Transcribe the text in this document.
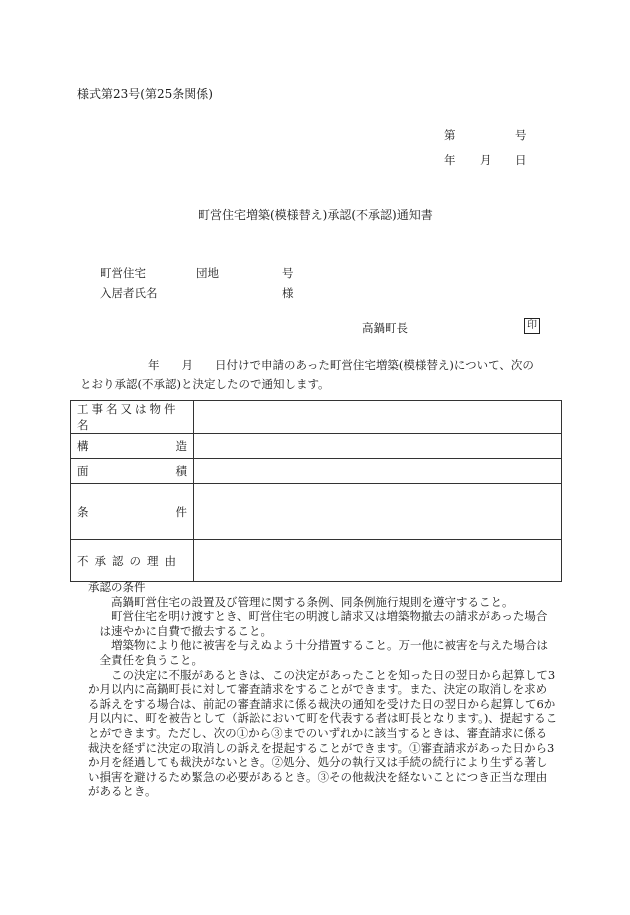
様式第23号(第25条関係)
第	号
年 月 日
町営住宅増築(模様替え)承認(不承認)通知書
町営住宅	団地	号
入居者氏名	様
高鍋町長	印
年 月 日付けで申請のあった町営住宅増築(模様替え)について、次の
とおり承認(不承認)と決定したので通知します。
工事名又は物件名	

構 造	

面 積	

条 件	

不承認の理由	

承認の条件

高鍋町営住宅の設置及び管理に関する条例、同条例施行規則を遵守すること。

町営住宅を明け渡すとき、町営住宅の明渡し請求又は増築物撤去の請求があった場合は速やかに自費で撤去すること。

増築物により他に被害を与えぬよう十分措置すること。万一他に被害を与えた場合は全責任を負うこと。

この決定に不服があるときは、この決定があったことを知った日の翌日から起算して3か月以内に高鍋町長に対して審査請求をすることができます。また、決定の取消しを求める訴えをする場合は、前記の審査請求に係る裁決の通知を受けた日の翌日から起算して6か月以内に、町を被告として（訴訟において町を代表する者は町長となります。)、提起することができます。ただし、次の①から③までのいずれかに該当するときは、審査請求に係る裁決を経ずに決定の取消しの訴えを提起することができます。①審査請求があった日から3か月を経過しても裁決がないとき。②処分、処分の執行又は手続の続行により生ずる著しい損害を避けるため緊急の必要があるとき。③その他裁決を経ないことにつき正当な理由があるとき。
